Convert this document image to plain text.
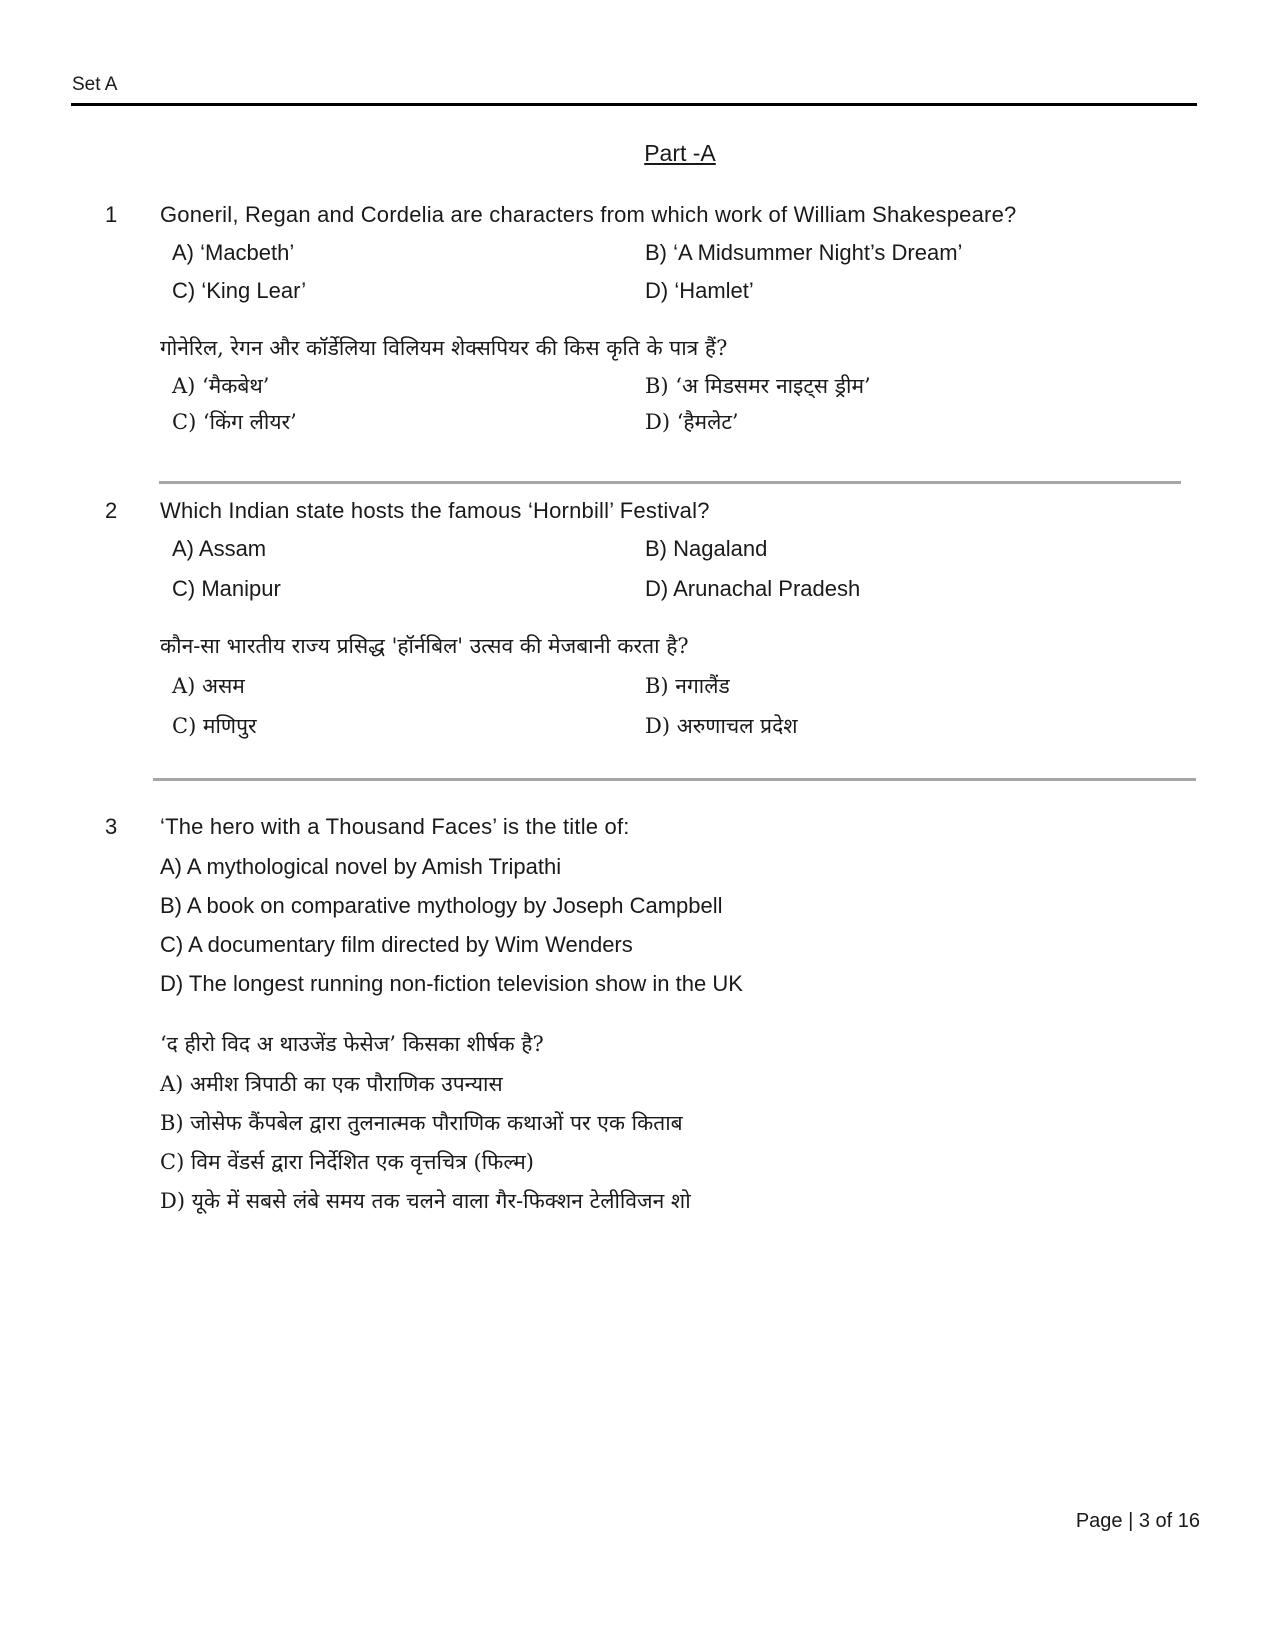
Set A
Part -A
1 Goneril, Regan and Cordelia are characters from which work of William Shakespeare?
A) ‘Macbeth’	B) ‘A Midsummer Night’s Dream’
C) ‘King Lear’	D) ‘Hamlet’
गोनेरिल, रेगन और कॉर्डेलिया विलियम शेक्सपियर की किस कृति के पात्र हैं?
A) ‘मैकबेथ’	B) ‘अ मिडसमर नाइट्स ड्रीम’
C) ‘किंग लीयर’	D) ‘हैमलेट’
2 Which Indian state hosts the famous ‘Hornbill’ Festival?
A) Assam	B) Nagaland
C) Manipur	D) Arunachal Pradesh
कौन-सा भारतीय राज्य प्रसिद्ध 'हॉर्नबिल' उत्सव की मेजबानी करता है?
A) असम	B) नगालैंड
C) मणिपुर	D) अरुणाचल प्रदेश
3 ‘The hero with a Thousand Faces’ is the title of:
A) A mythological novel by Amish Tripathi
B) A book on comparative mythology by Joseph Campbell
C) A documentary film directed by Wim Wenders
D) The longest running non-fiction television show in the UK
‘द हीरो विद अ थाउजेंड फेसेज’ किसका शीर्षक है?
A) अमीश त्रिपाठी का एक पौराणिक उपन्यास
B) जोसेफ कैंपबेल द्वारा तुलनात्मक पौराणिक कथाओं पर एक किताब
C) विम वेंडर्स द्वारा निर्देशित एक वृत्तचित्र (फिल्म)
D) यूके में सबसे लंबे समय तक चलने वाला गैर-फिक्शन टेलीविजन शो
Page | 3 of 16
